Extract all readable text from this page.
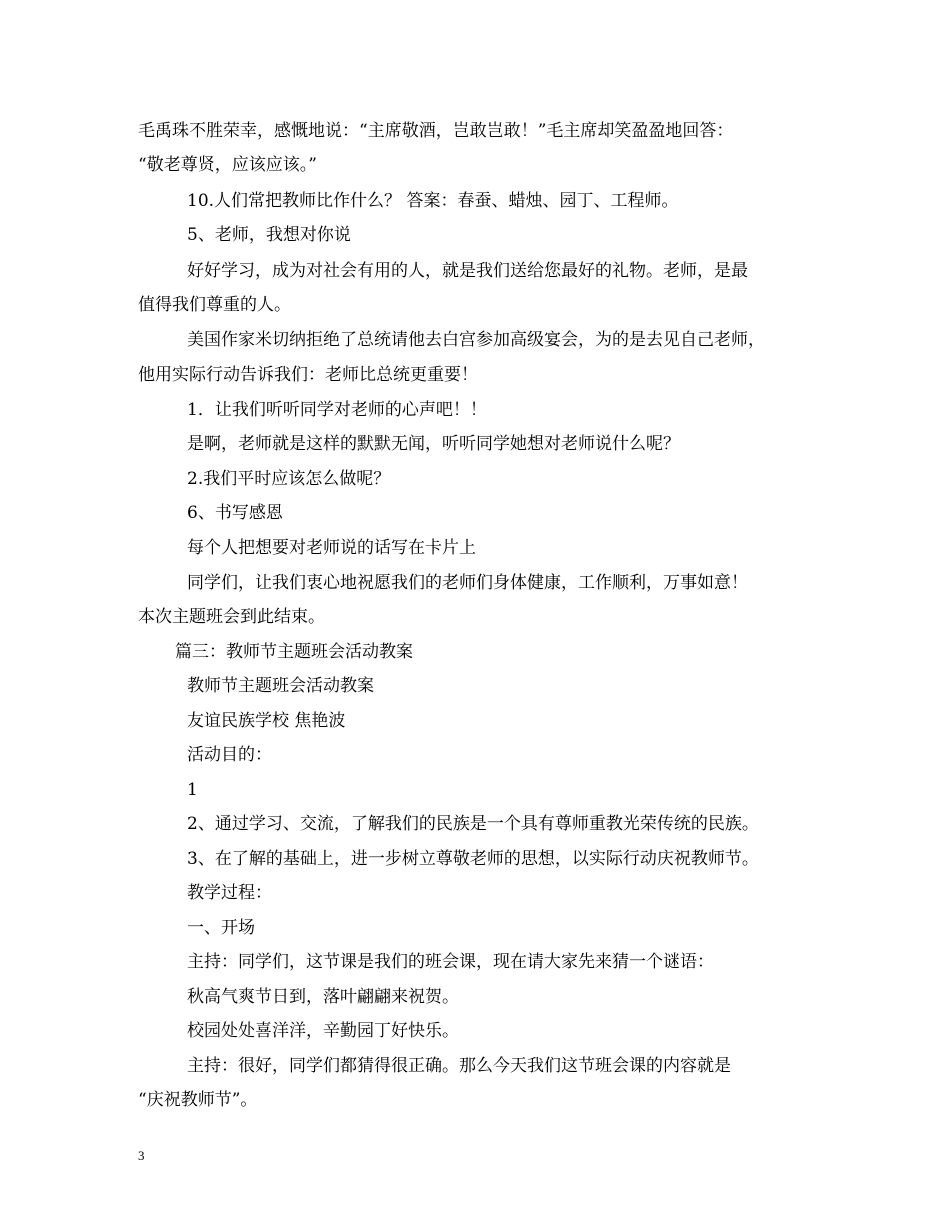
毛禹珠不胜荣幸，感慨地说：“主席敬酒，岂敢岂敢！”毛主席却笑盈盈地回答：
“敬老尊贤，应该应该。”
10.人们常把教师比作什么？ 答案：春蚕、蜡烛、园丁、工程师。
5、老师，我想对你说
好好学习，成为对社会有用的人，就是我们送给您最好的礼物。老师，是最
值得我们尊重的人。
美国作家米切纳拒绝了总统请他去白宫参加高级宴会，为的是去见自己老师，
他用实际行动告诉我们：老师比总统更重要！
1．让我们听听同学对老师的心声吧！！
是啊，老师就是这样的默默无闻，听听同学她想对老师说什么呢？
2.我们平时应该怎么做呢？
6、书写感恩
每个人把想要对老师说的话写在卡片上
同学们，让我们衷心地祝愿我们的老师们身体健康，工作顺利，万事如意！
本次主题班会到此结束。
篇三：教师节主题班会活动教案
教师节主题班会活动教案
友谊民族学校 焦艳波
活动目的：
1
2、通过学习、交流，了解我们的民族是一个具有尊师重教光荣传统的民族。
3、在了解的基础上，进一步树立尊敬老师的思想，以实际行动庆祝教师节。
教学过程：
一、开场
主持：同学们，这节课是我们的班会课，现在请大家先来猜一个谜语：
秋高气爽节日到，落叶翩翩来祝贺。
校园处处喜洋洋，辛勤园丁好快乐。
主持：很好，同学们都猜得很正确。那么今天我们这节班会课的内容就是
“庆祝教师节”。
3
